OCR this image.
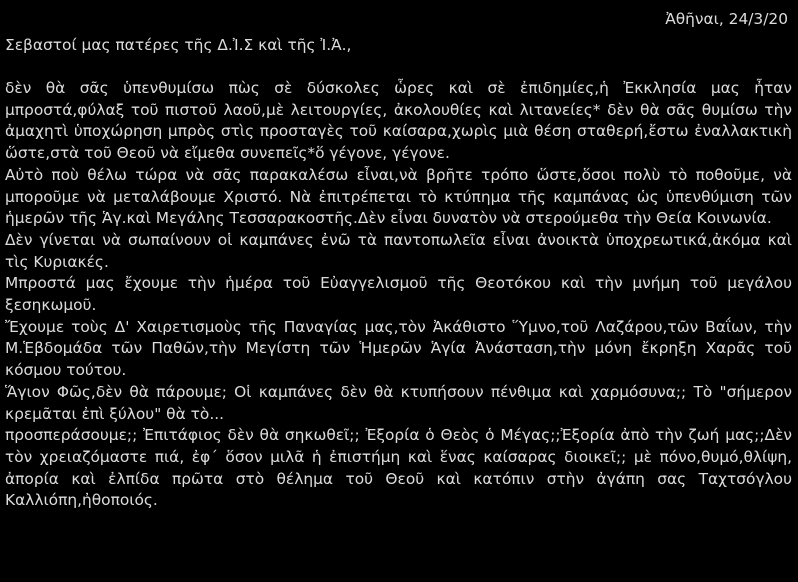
Ἀθῆναι, 24/3/20
Σεβαστοί μας πατέρες τῆς Δ.Ἰ.Σ καὶ τῆς Ἰ.Ἀ.,

δὲν θὰ σᾶς ὑπενθυμίσω πὼς σὲ δύσκολες ὧρες καὶ σὲ ἐπιδημίες,ἡ Ἐκκλησία μας ἦταν μπροστά,φύλαξ τοῦ πιστοῦ λαοῦ,μὲ λειτουργίες, ἀκολουθίες καὶ λιτανείες* δὲν θὰ σᾶς θυμίσω τὴν ἀμαχητὶ ὑποχώρηση μπρὸς στὶς προσταγὲς τοῦ καίσαρα,χωρὶς μιὰ θέση σταθερή,ἔστω ἐναλλακτικὴ ὥστε,στὰ τοῦ Θεοῦ νὰ εἴμεθα συνεπεῖς*ὅ γέγονε, γέγονε.

Αὐτὸ ποὺ θέλω τώρα νὰ σᾶς παρακαλέσω εἶναι,νὰ βρῆτε τρόπο ὥστε,ὅσοι πολὺ τὸ ποθοῦμε, νὰ μποροῦμε νὰ μεταλάβουμε Χριστό. Νὰ ἐπιτρέπεται τὸ κτύπημα τῆς καμπάνας ὡς ὑπενθύμιση τῶν ἡμερῶν τῆς Ἁγ.καὶ Μεγάλης Τεσσαρακοστῆς.Δὲν εἶναι δυνατὸν νὰ στερούμεθα τὴν Θεία Κοινωνία.

Δὲν γίνεται νὰ σωπαίνουν οἱ καμπάνες ἐνῶ τὰ παντοπωλεῖα εἶναι ἀνοικτὰ ὑποχρεωτικά,ἀκόμα καὶ τὶς Κυριακές.

Μπροστά μας ἔχουμε τὴν ἡμέρα τοῦ Εὐαγγελισμοῦ τῆς Θεοτόκου καὶ τὴν μνήμη τοῦ μεγάλου ξεσηκωμοῦ.

Ἔχουμε τοὺς Δ' Χαιρετισμοὺς τῆς Παναγίας μας,τὸν Ἀκάθιστο Ὕμνο,τοῦ Λαζάρου,τῶν Βαΐων, τὴν Μ.Ἑβδομάδα τῶν Παθῶν,τὴν Μεγίστη τῶν Ἡμερῶν Ἁγία Ἀνάσταση,τὴν μόνη ἔκρηξη Χαρᾶς τοῦ κόσμου τούτου.

Ἅγιον Φῶς,δὲν θὰ πάρουμε; Οἱ καμπάνες δὲν θὰ κτυπήσουν πένθιμα καὶ χαρμόσυνα;; Τὸ "σήμερον κρεμᾶται ἐπὶ ξύλου" θὰ τὸ...

προσπεράσουμε;; Ἐπιτάφιος δὲν θὰ σηκωθεῖ;; Ἐξορία ὁ Θεὸς ὁ Μέγας;;Ἐξορία ἀπὸ τὴν ζωή μας;;Δὲν τὸν χρειαζόμαστε πιά, ἐφ΄ ὅσον μιλᾶ ἡ ἐπιστήμη καὶ ἕνας καίσαρας διοικεῖ;; μὲ πόνο,θυμό,θλίψη, ἀπορία καὶ ἐλπίδα πρῶτα στὸ θέλημα τοῦ Θεοῦ καὶ κατόπιν στὴν ἀγάπη σας Ταχτσόγλου Καλλιόπη,ἠθοποιός.
